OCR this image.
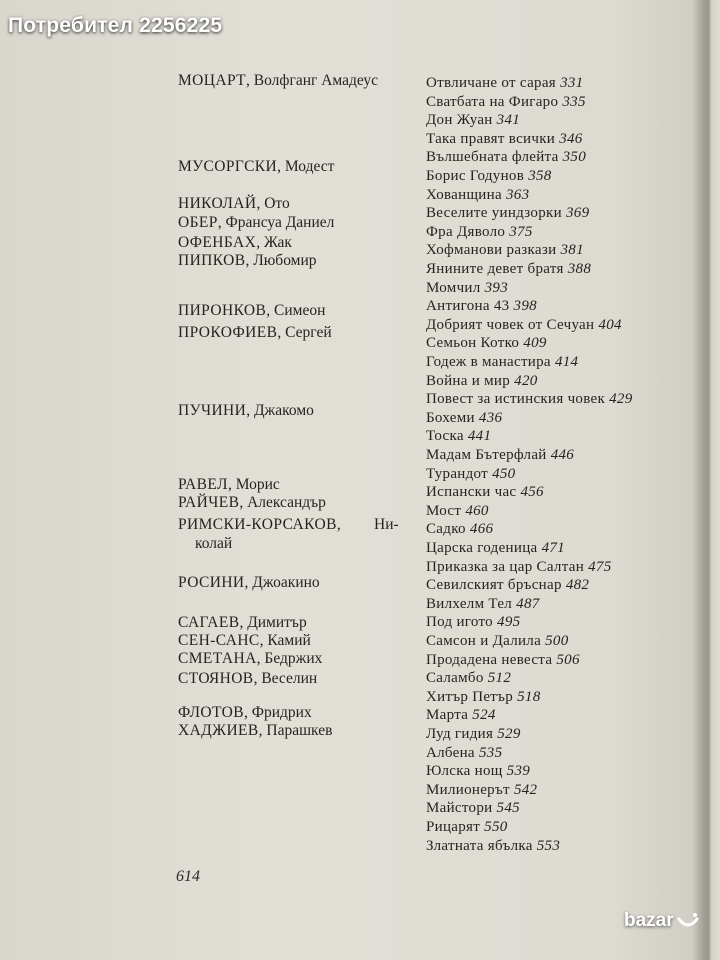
Потребител 2256225
МОЦАРТ, Волфганг Амадеус
МУСОРГСКИ, Модест
НИКОЛАЙ, Ото
ОБЕР, Франсуа Даниел
ОФЕНБАХ, Жак
ПИПКОВ, Любомир
ПИРОНКОВ, Симеон
ПРОКОФИЕВ, Сергей
ПУЧИНИ, Джакомо
РАВЕЛ, Морис
РАЙЧЕВ, Александър
РИМСКИ-КОРСАКОВ, Ни-
колай
РОСИНИ, Джоакино
САГАЕВ, Димитър
СЕН-САНС, Камий
СМЕТАНА, Бедржих
СТОЯНОВ, Веселин
ФЛОТОВ, Фридрих
ХАДЖИЕВ, Парашкев
Отвличане от сарая 331
Сватбата на Фигаро 335
Дон Жуан 341
Така правят всички 346
Вълшебната флейта 350
Борис Годунов 358
Хованщина 363
Веселите уиндзорки 369
Фра Дяволо 375
Хофманови разкази 381
Янините девет братя 388
Момчил 393
Антигона 43 398
Добрият човек от Сечуан 404
Семьон Котко 409
Годеж в манастира 414
Война и мир 420
Повест за истинския човек 429
Бохеми 436
Тоска 441
Мадам Бътерфлай 446
Турандот 450
Испански час 456
Мост 460
Садко 466
Царска годеница 471
Приказка за цар Салтан 475
Севилският бръснар 482
Вилхелм Тел 487
Под игото 495
Самсон и Далила 500
Продадена невеста 506
Саламбо 512
Хитър Петър 518
Марта 524
Луд гидия 529
Албена 535
Юлска нощ 539
Милионерът 542
Майстори 545
Рицарят 550
Златната ябълка 553
614
bazar
